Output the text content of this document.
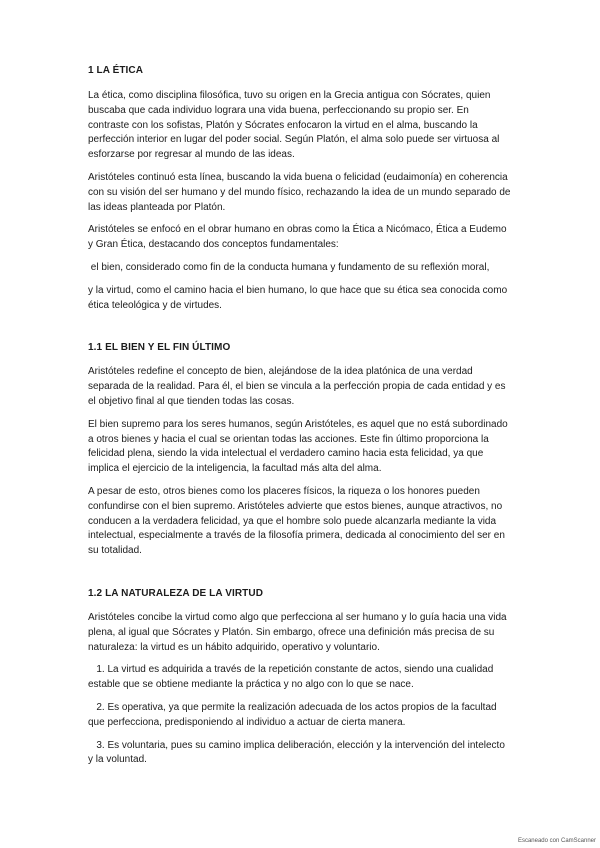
1 LA ÉTICA

La ética, como disciplina filosófica, tuvo su origen en la Grecia antigua con Sócrates, quien buscaba que cada individuo lograra una vida buena, perfeccionando su propio ser. En contraste con los sofistas, Platón y Sócrates enfocaron la virtud en el alma, buscando la perfección interior en lugar del poder social. Según Platón, el alma solo puede ser virtuosa al esforzarse por regresar al mundo de las ideas.

Aristóteles continuó esta línea, buscando la vida buena o felicidad (eudaimonía) en coherencia con su visión del ser humano y del mundo físico, rechazando la idea de un mundo separado de las ideas planteada por Platón.

Aristóteles se enfocó en el obrar humano en obras como la Ética a Nicómaco, Ética a Eudemo y Gran Ética, destacando dos conceptos fundamentales:

el bien, considerado como fin de la conducta humana y fundamento de su reflexión moral,

y la virtud, como el camino hacia el bien humano, lo que hace que su ética sea conocida como ética teleológica y de virtudes.

1.1 EL BIEN Y EL FIN ÚLTIMO

Aristóteles redefine el concepto de bien, alejándose de la idea platónica de una verdad separada de la realidad. Para él, el bien se vincula a la perfección propia de cada entidad y es el objetivo final al que tienden todas las cosas.

El bien supremo para los seres humanos, según Aristóteles, es aquel que no está subordinado a otros bienes y hacia el cual se orientan todas las acciones. Este fin último proporciona la felicidad plena, siendo la vida intelectual el verdadero camino hacia esta felicidad, ya que implica el ejercicio de la inteligencia, la facultad más alta del alma.

A pesar de esto, otros bienes como los placeres físicos, la riqueza o los honores pueden confundirse con el bien supremo. Aristóteles advierte que estos bienes, aunque atractivos, no conducen a la verdadera felicidad, ya que el hombre solo puede alcanzarla mediante la vida intelectual, especialmente a través de la filosofía primera, dedicada al conocimiento del ser en su totalidad.

1.2 LA NATURALEZA DE LA VIRTUD

Aristóteles concibe la virtud como algo que perfecciona al ser humano y lo guía hacia una vida plena, al igual que Sócrates y Platón. Sin embargo, ofrece una definición más precisa de su naturaleza: la virtud es un hábito adquirido, operativo y voluntario.

1. La virtud es adquirida a través de la repetición constante de actos, siendo una cualidad estable que se obtiene mediante la práctica y no algo con lo que se nace.

2. Es operativa, ya que permite la realización adecuada de los actos propios de la facultad que perfecciona, predisponiendo al individuo a actuar de cierta manera.

3. Es voluntaria, pues su camino implica deliberación, elección y la intervención del intelecto y la voluntad.

Escaneado con CamScanner
